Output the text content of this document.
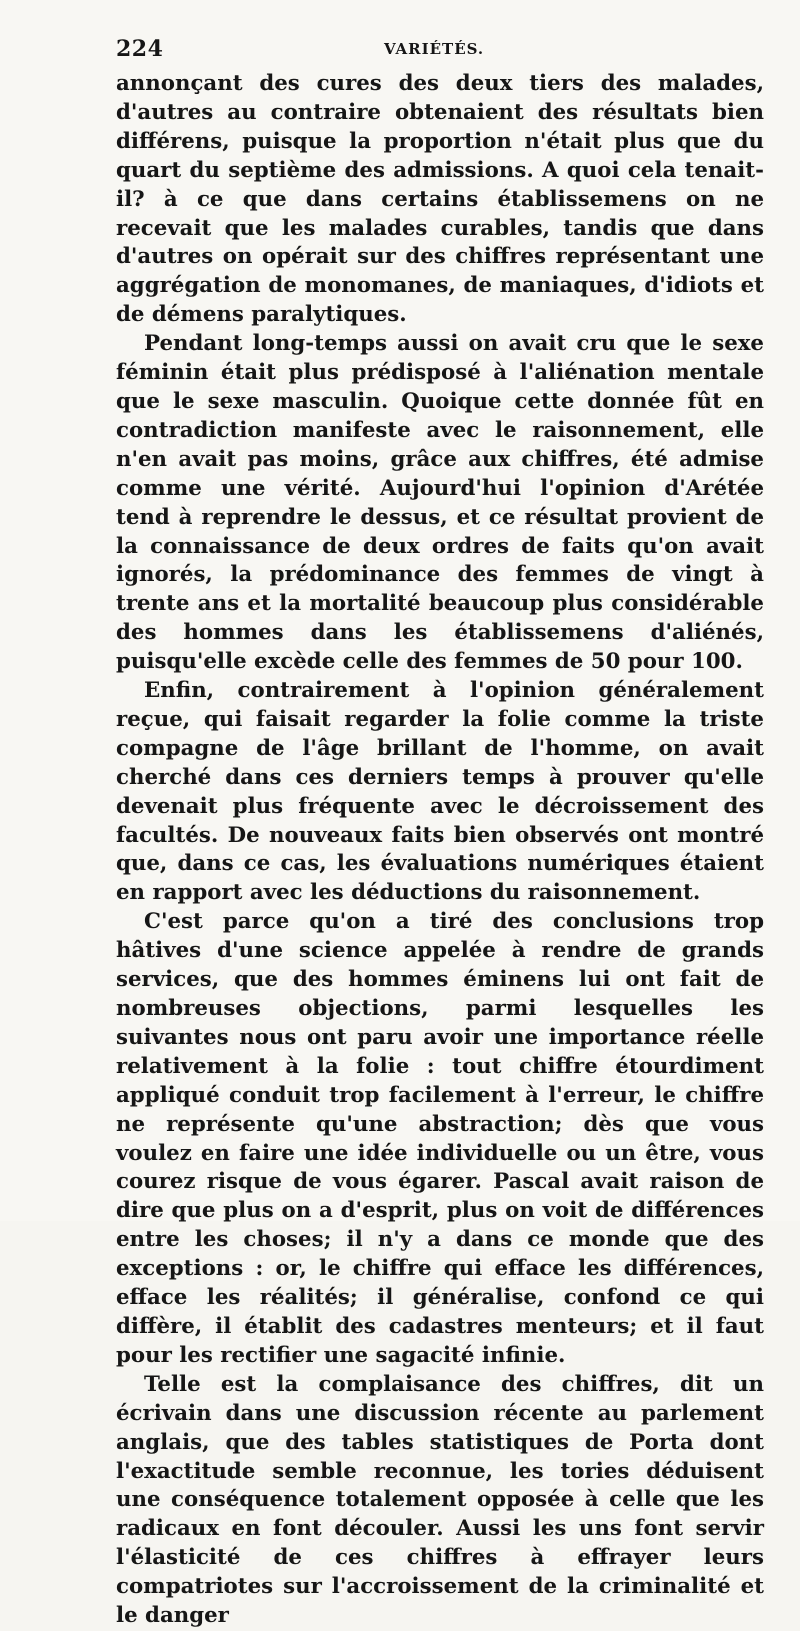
224	VARIÉTÉS.

annonçant des cures des deux tiers des malades, d'autres au contraire obtenaient des résultats bien différens, puisque la proportion n'était plus que du quart du septième des admissions. A quoi cela tenait-il? à ce que dans certains établissemens on ne recevait que les malades curables, tandis que dans d'autres on opérait sur des chiffres représentant une aggrégation de monomanes, de maniaques, d'idiots et de démens paralytiques.

Pendant long-temps aussi on avait cru que le sexe féminin était plus prédisposé à l'aliénation mentale que le sexe masculin. Quoique cette donnée fût en contradiction manifeste avec le raisonnement, elle n'en avait pas moins, grâce aux chiffres, été admise comme une vérité. Aujourd'hui l'opinion d'Arétée tend à reprendre le dessus, et ce résultat provient de la connaissance de deux ordres de faits qu'on avait ignorés, la prédominance des femmes de vingt à trente ans et la mortalité beaucoup plus considérable des hommes dans les établissemens d'aliénés, puisqu'elle excède celle des femmes de 50 pour 100.

Enfin, contrairement à l'opinion généralement reçue, qui faisait regarder la folie comme la triste compagne de l'âge brillant de l'homme, on avait cherché dans ces derniers temps à prouver qu'elle devenait plus fréquente avec le décroissement des facultés. De nouveaux faits bien observés ont montré que, dans ce cas, les évaluations numériques étaient en rapport avec les déductions du raisonnement.

C'est parce qu'on a tiré des conclusions trop hâtives d'une science appelée à rendre de grands services, que des hommes éminens lui ont fait de nombreuses objections, parmi lesquelles les suivantes nous ont paru avoir une importance réelle relativement à la folie : tout chiffre étourdiment appliqué conduit trop facilement à l'erreur, le chiffre ne représente qu'une abstraction; dès que vous voulez en faire une idée individuelle ou un être, vous courez risque de vous égarer. Pascal avait raison de dire que plus on a d'esprit, plus on voit de différences entre les choses; il n'y a dans ce monde que des exceptions : or, le chiffre qui efface les différences, efface les réalités; il généralise, confond ce qui diffère, il établit des cadastres menteurs; et il faut pour les rectifier une sagacité infinie.

Telle est la complaisance des chiffres, dit un écrivain dans une discussion récente au parlement anglais, que des tables statistiques de Porta dont l'exactitude semble reconnue, les tories déduisent une conséquence totalement opposée à celle que les radicaux en font découler. Aussi les uns font servir l'élasticité de ces chiffres à effrayer leurs compatriotes sur l'accroissement de la criminalité et le danger
